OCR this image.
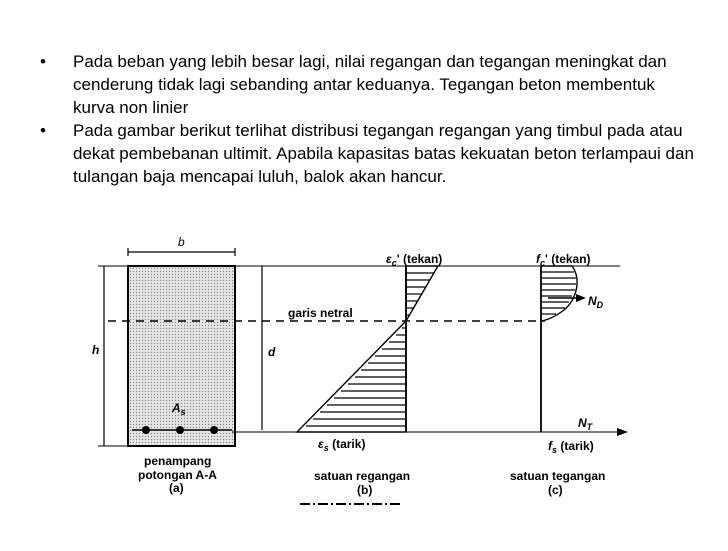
•	Pada beban yang lebih besar lagi, nilai regangan dan tegangan meningkat dan cenderung tidak lagi sebanding antar keduanya. Tegangan beton membentuk kurva non linier
•	Pada gambar berikut terlihat distribusi tegangan regangan yang timbul pada atau dekat pembebanan ultimit. Apabila kapasitas batas kekuatan beton terlampaui dan tulangan baja mencapai luluh, balok akan hancur.
b
h	d
$A_s$
penampang
potongan A-A
(a)
garis netral
$\varepsilon_c'$ (tekan)
$\varepsilon_s$ (tarik)
satuan regangan
(b)
$N_D$
$N_T$
$f_c'$ (tekan)
$f_s$ (tarik)
satuan tegangan
(c)
